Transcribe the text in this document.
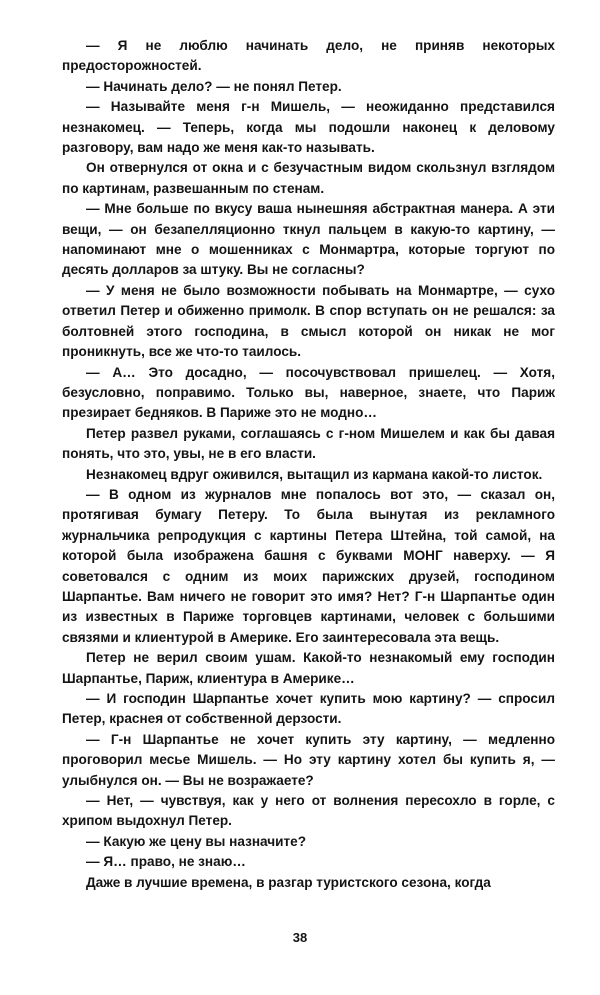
— Я не люблю начинать дело, не приняв некоторых предосторожностей.

— Начинать дело? — не понял Петер.

— Называйте меня г-н Мишель, — неожиданно представился незнакомец. — Теперь, когда мы подошли наконец к деловому разговору, вам надо же меня как-то называть.

Он отвернулся от окна и с безучастным видом скользнул взглядом по картинам, развешанным по стенам.

— Мне больше по вкусу ваша нынешняя абстрактная манера. А эти вещи, — он безапелляционно ткнул пальцем в какую-то картину, — напоминают мне о мошенниках с Монмартра, которые торгуют по десять долларов за штуку. Вы не согласны?

— У меня не было возможности побывать на Монмартре, — сухо ответил Петер и обиженно примолк. В спор вступать он не решался: за болтовней этого господина, в смысл которой он никак не мог проникнуть, все же что-то таилось.

— А… Это досадно, — посочувствовал пришелец. — Хотя, безусловно, поправимо. Только вы, наверное, знаете, что Париж презирает бедняков. В Париже это не модно…

Петер развел руками, соглашаясь с г-ном Мишелем и как бы давая понять, что это, увы, не в его власти.

Незнакомец вдруг оживился, вытащил из кармана какой-то листок.

— В одном из журналов мне попалось вот это, — сказал он, протягивая бумагу Петеру. То была вынутая из рекламного журнальчика репродукция с картины Петера Штейна, той самой, на которой была изображена башня с буквами МОНГ наверху. — Я советовался с одним из моих парижских друзей, господином Шарпантье. Вам ничего не говорит это имя? Нет? Г-н Шарпантье один из известных в Париже торговцев картинами, человек с большими связями и клиентурой в Америке. Его заинтересовала эта вещь.

Петер не верил своим ушам. Какой-то незнакомый ему господин Шарпантье, Париж, клиентура в Америке…

— И господин Шарпантье хочет купить мою картину? — спросил Петер, краснея от собственной дерзости.

— Г-н Шарпантье не хочет купить эту картину, — медленно проговорил месье Мишель. — Но эту картину хотел бы купить я, — улыбнулся он. — Вы не возражаете?

— Нет, — чувствуя, как у него от волнения пересохло в горле, с хрипом выдохнул Петер.

— Какую же цену вы назначите?

— Я… право, не знаю…

Даже в лучшие времена, в разгар туристского сезона, когда

38
